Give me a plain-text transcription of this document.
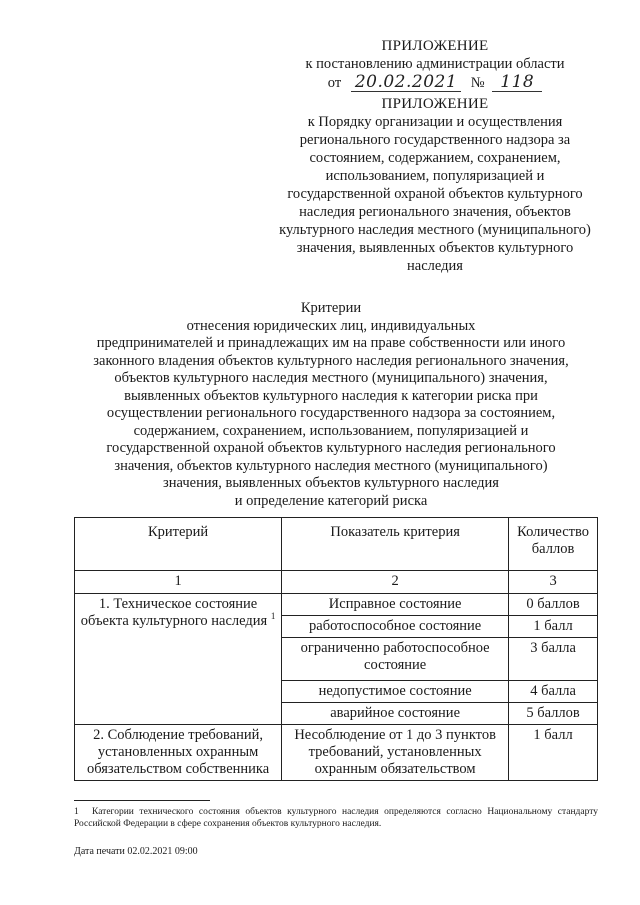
ПРИЛОЖЕНИЕ
к постановлению администрации области
от 20.02.2021 № 118
ПРИЛОЖЕНИЕ
к Порядку организации и осуществления
регионального государственного надзора за
состоянием, содержанием, сохранением,
использованием, популяризацией и
государственной охраной объектов культурного
наследия регионального значения, объектов
культурного наследия местного (муниципального)
значения, выявленных объектов культурного
наследия
Критерии
отнесения юридических лиц, индивидуальных
предпринимателей и принадлежащих им на праве собственности или иного
законного владения объектов культурного наследия регионального значения,
объектов культурного наследия местного (муниципального) значения,
выявленных объектов культурного наследия к категории риска при
осуществлении регионального государственного надзора за состоянием,
содержанием, сохранением, использованием, популяризацией и
государственной охраной объектов культурного наследия регионального
значения, объектов культурного наследия местного (муниципального)
значения, выявленных объектов культурного наследия
и определение категорий риска
Критерий	Показатель критерия	Количество баллов
1	2	3
1. Техническое состояние объекта культурного наследия $^1$	Исправное состояние	0 баллов
	работоспособное состояние	1 балл
	ограниченно работоспособное состояние	3 балла
	недопустимое состояние	4 балла
	аварийное состояние	5 баллов
2. Соблюдение требований, установленных охранным обязательством собственника	Несоблюдение от 1 до 3 пунктов требований, установленных охранным обязательством	1 балл
1 Категории технического состояния объектов культурного наследия определяются согласно Национальному стандарту Российской Федерации в сфере сохранения объектов культурного наследия.
Дата печати 02.02.2021 09:00
